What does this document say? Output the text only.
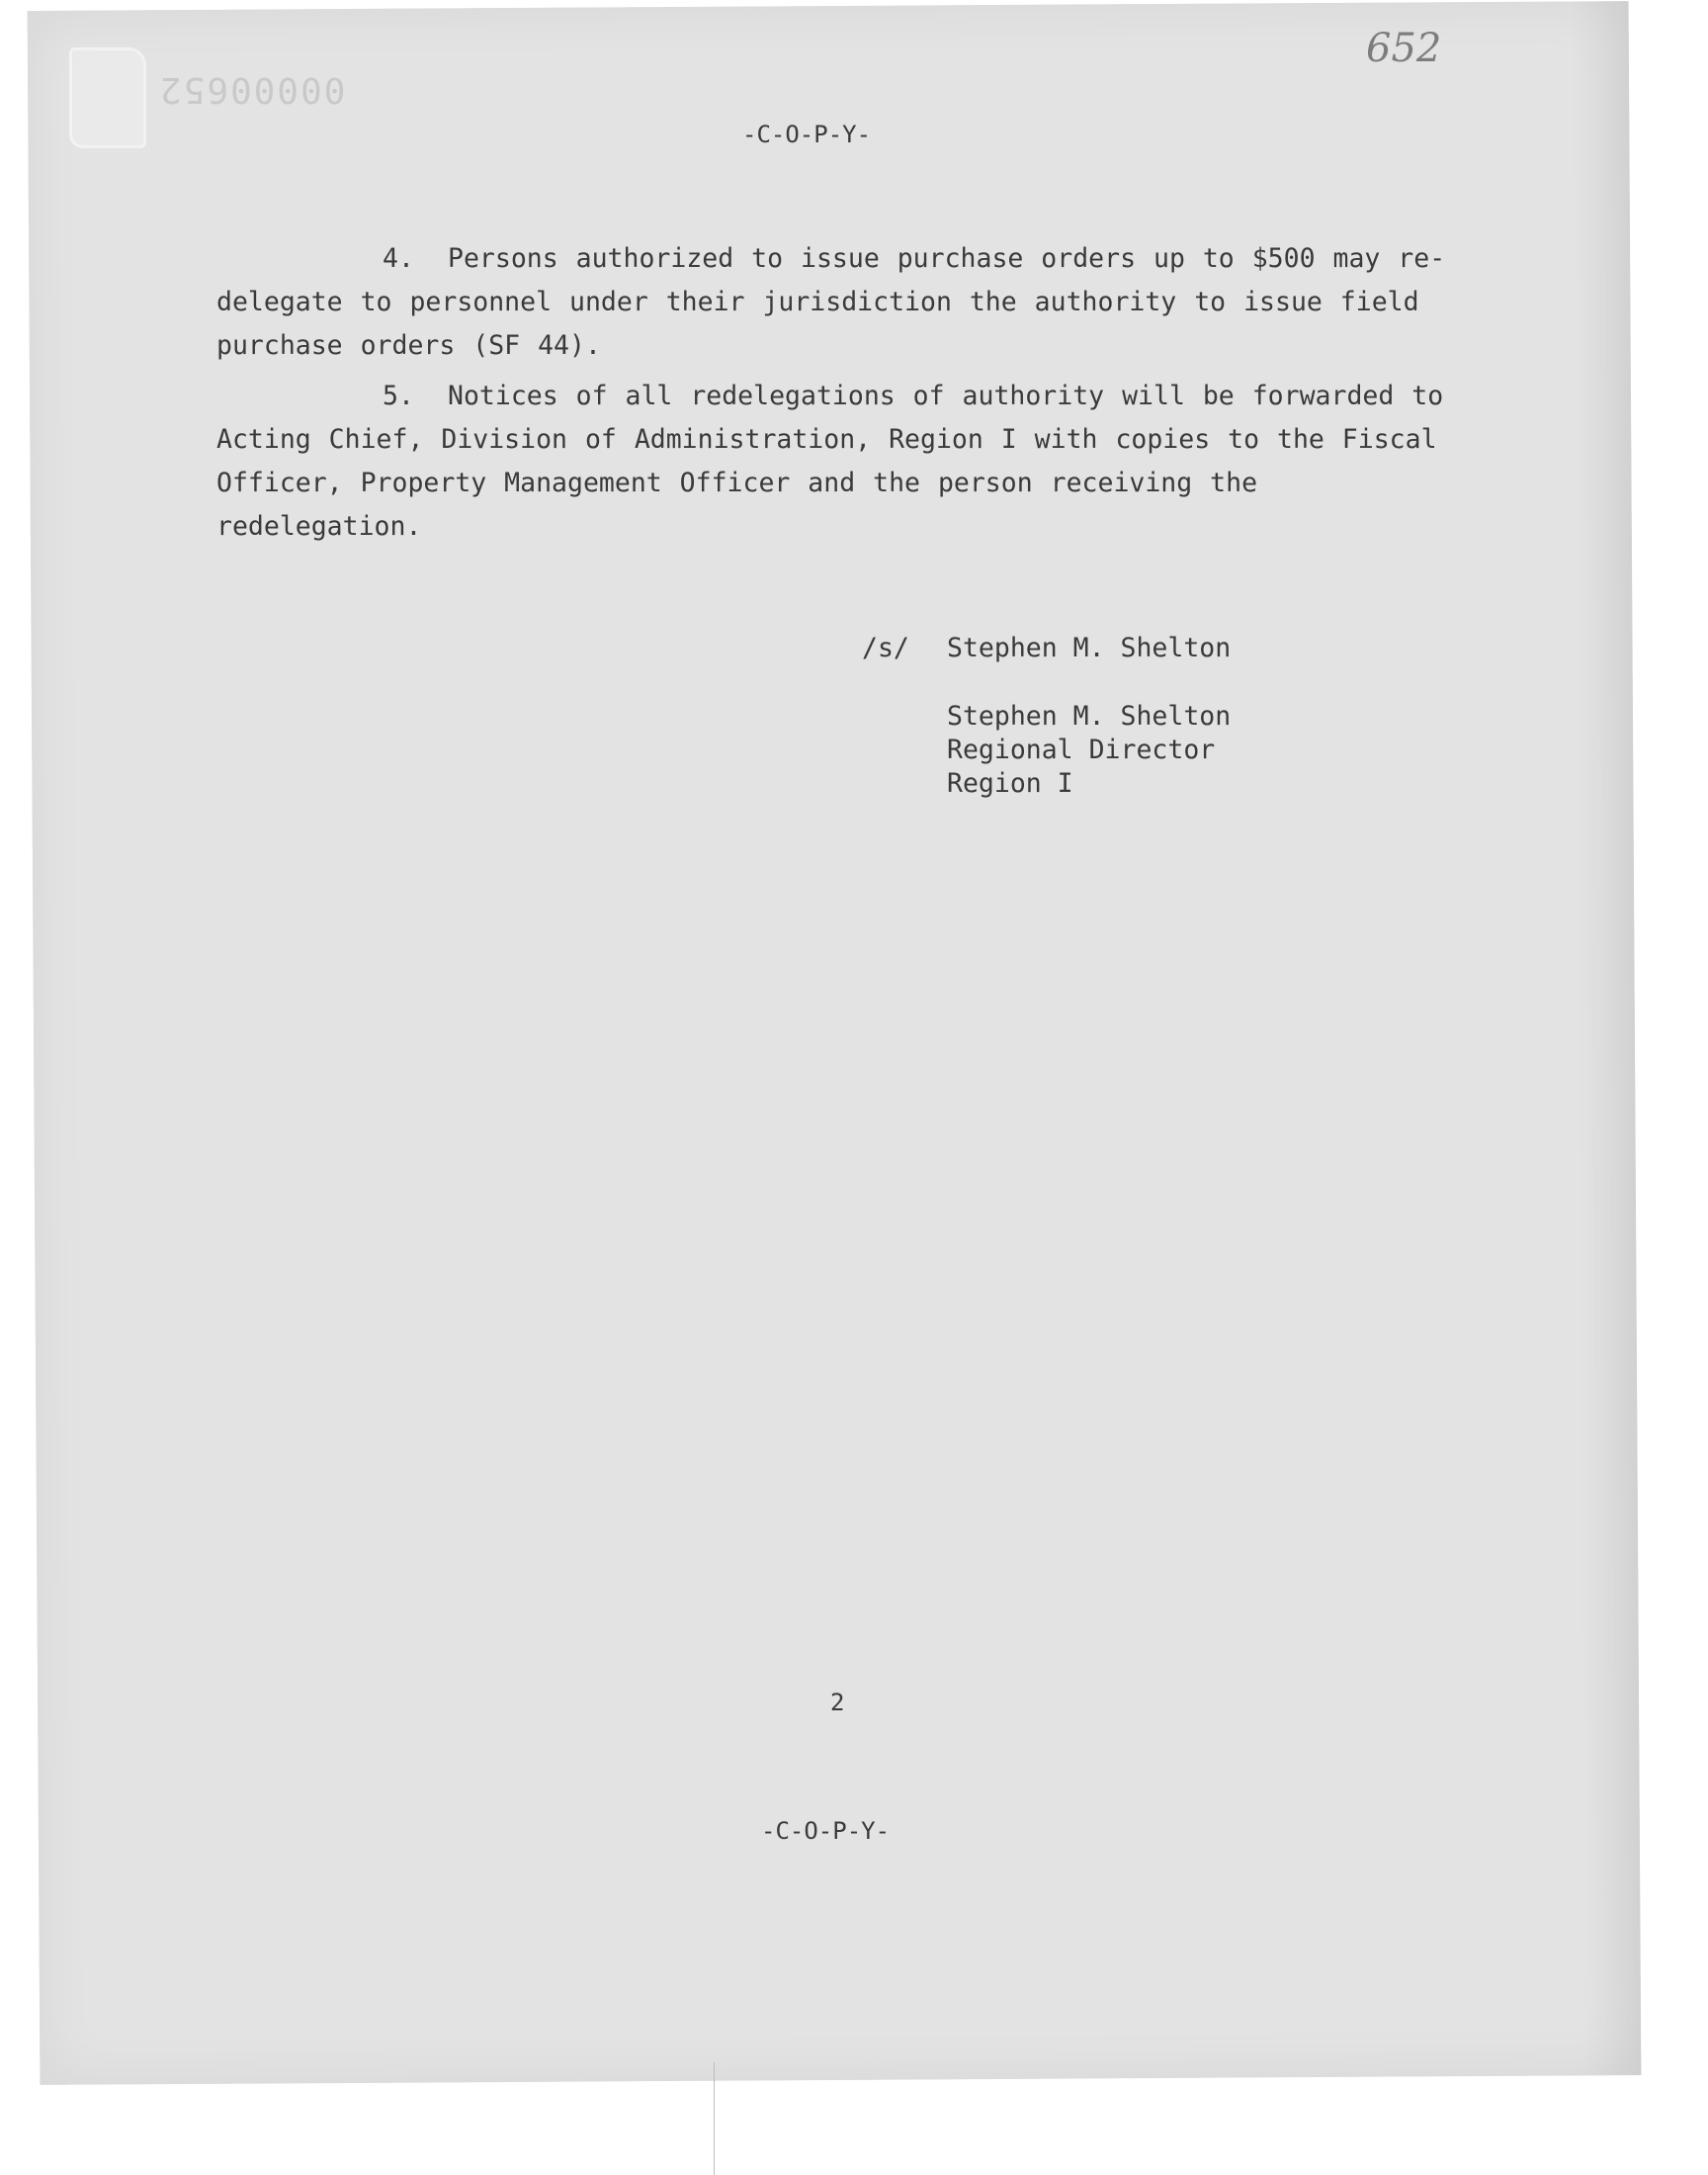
00000652
652
-C-O-P-Y-

4. Persons authorized to issue purchase orders up to $500 may re-delegate to personnel under their jurisdiction the authority to issue field purchase orders (SF 44).

5. Notices of all redelegations of authority will be forwarded to Acting Chief, Division of Administration, Region I with copies to the Fiscal Officer, Property Management Officer and the person receiving the redelegation.

/s/ Stephen M. Shelton
Stephen M. Shelton
Regional Director
Region I
2
-C-O-P-Y-
